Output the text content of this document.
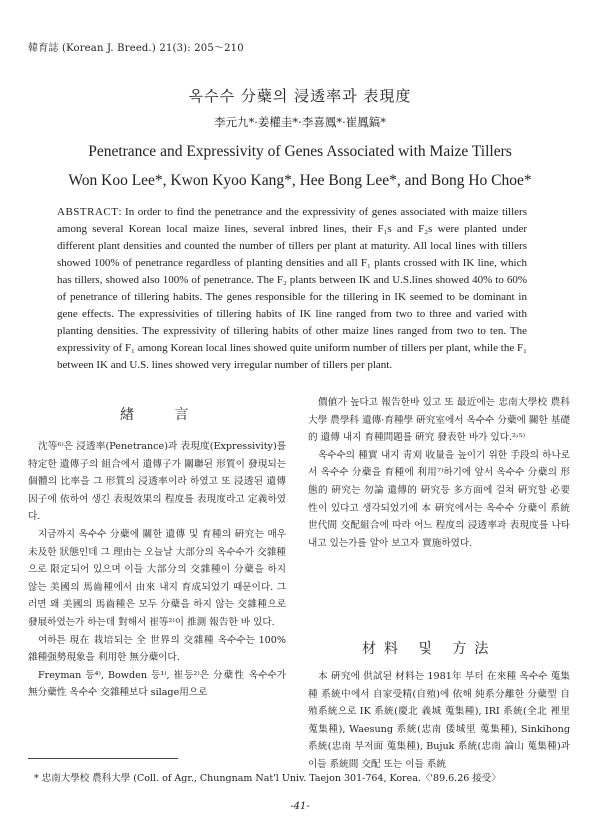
韓育誌 (Korean J. Breed.) 21(3): 205～210
옥수수 分蘗의 浸透率과 表現度
李元九*·姜權圭*·李喜鳳*·崔鳳鎬*
Penetrance and Expressivity of Genes Associated with Maize Tillers
Won Koo Lee*, Kwon Kyoo Kang*, Hee Bong Lee*, and Bong Ho Choe*
ABSTRACT: In order to find the penetrance and the expressivity of genes associated with maize tillers among several Korean local maize lines, several inbred lines, their F₁s and F₂s were planted under different plant densities and counted the number of tillers per plant at maturity. All local lines with tillers showed 100% of penetrance regardless of planting densities and all F₁ plants crossed with IK line, which has tillers, showed also 100% of penetrance. The F₂ plants between IK and U.S.lines showed 40% to 60% of penetrance of tillering habits. The genes responsible for the tillering in IK seemed to be dominant in gene effects. The expressivities of tillering habits of IK line ranged from two to three and varied with planting densities. The expressivity of tillering habits of other maize lines ranged from two to ten. The expressivity of F₁ among Korean local lines showed quite uniform number of tillers per plant, while the F₁ between IK and U.S. lines showed very irregular number of tillers per plant.
緖 言

沈等⁶⁾은 浸透率(Penetrance)과 表現度(Expressivity)를 特定한 遺傳子의 組合에서 遺傳子가 關聯된 形質이 發現되는 個體의 比率을 그 形質의 浸透率이라 하였고 또 浸透된 遺傳因子에 依하여 생긴 表現效果의 程度를 表現度라고 定義하였다.

지금까지 옥수수 分蘗에 關한 遺傳 및 育種의 硏究는 매우 未及한 狀態인데 그 理由는 오늘날 大部分의 옥수수가 交雜種으로 限定되어 있으며 이들 大部分의 交雜種이 分蘗을 하지 않는 美國의 馬齒種에서 由來 내지 育成되었기 때문이다. 그러면 왜 美國의 馬齒種은 모두 分蘗을 하지 않는 交雜種으로 發展하였는가 하는데 對해서 崔等²⁾이 推測 報告한 바 있다.

여하튼 現在 栽培되는 全 世界의 交雜種 옥수수는 100% 雜種强勢現象을 利用한 無分蘗이다.

Freyman 등⁴⁾, Bowden 등¹⁾, 崔등²⁾은 分蘗性 옥수수가 無分蘗性 옥수수 交雜種보다 silage用으로

價値가 높다고 報告한바 있고 또 最近에는 忠南大學校 農科大學 農學科 遺傳·育種學 硏究室에서 옥수수 分蘗에 關한 基礎的 遺傳 내지 育種問題를 硏究 發表한 바가 있다.²˒⁵⁾

옥수수의 種實 내지 靑刈 收量을 높이기 위한 手段의 하나로서 옥수수 分蘗을 育種에 利用⁷⁾하기에 앞서 옥수수 分蘗의 形態的 硏究는 勿論 遺傳的 硏究등 多方面에 걸쳐 硏究할 必要性이 있다고 생각되었기에 本 硏究에서는 옥수수 分蘗이 系統世代間 交配組合에 따라 어느 程度의 浸透率과 表現度를 나타내고 있는가를 알아 보고자 實施하였다.

材料 및 方法

本 硏究에 供試된 材料는 1981年 부터 在來種 옥수수 蒐集種 系統中에서 自家受精(自殖)에 依해 純系分離한 分蘗型 自殖系統으로 IK 系統(慶北 義城 蒐集種), IRI 系統(全北 裡里 蒐集種), Waesung 系統(忠南 倭城里 蒐集種), Sinkihong 系統(忠南 부저面 蒐集種), Bujuk 系統(忠南 論山 蒐集種)과 이들 系統間 交配 또는 이들 系統

* 忠南大學校 農科大學 (Coll. of Agr., Chungnam Nat'l Univ. Taejon 301-764, Korea.〈'89.6.26 接受〉
-41-
